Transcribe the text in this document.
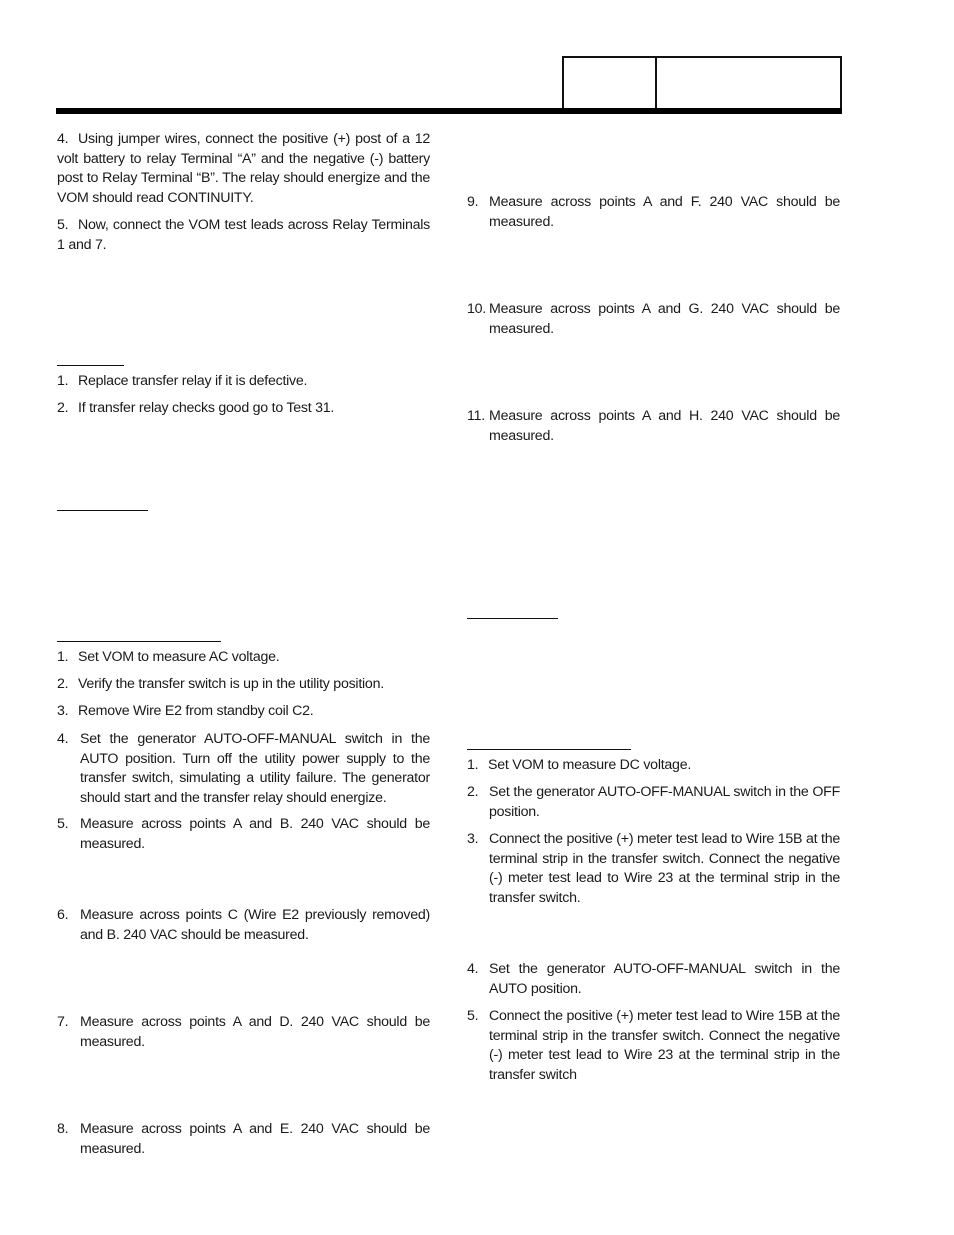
4. Using jumper wires, connect the positive (+) post of a 12 volt battery to relay Terminal “A” and the negative (-) battery post to Relay Terminal “B”. The relay should energize and the VOM should read CONTINUITY.
5. Now, connect the VOM test leads across Relay Terminals 1 and 7.
1. Replace transfer relay if it is defective.
2. If transfer relay checks good go to Test 31.
1. Set VOM to measure AC voltage.
2. Verify the transfer switch is up in the utility position.
3. Remove Wire E2 from standby coil C2.
4. Set the generator AUTO-OFF-MANUAL switch in the AUTO position. Turn off the utility power supply to the transfer switch, simulating a utility failure. The generator should start and the transfer relay should energize.
5. Measure across points A and B. 240 VAC should be measured.
6. Measure across points C (Wire E2 previously removed) and B. 240 VAC should be measured.
7. Measure across points A and D. 240 VAC should be measured.
8. Measure across points A and E. 240 VAC should be measured.
9. Measure across points A and F. 240 VAC should be measured.
10. Measure across points A and G. 240 VAC should be measured.
11. Measure across points A and H. 240 VAC should be measured.
1. Set VOM to measure DC voltage.
2. Set the generator AUTO-OFF-MANUAL switch in the OFF position.
3. Connect the positive (+) meter test lead to Wire 15B at the terminal strip in the transfer switch. Connect the negative (-) meter test lead to Wire 23 at the terminal strip in the transfer switch.
4. Set the generator AUTO-OFF-MANUAL switch in the AUTO position.
5. Connect the positive (+) meter test lead to Wire 15B at the terminal strip in the transfer switch. Connect the negative (-) meter test lead to Wire 23 at the terminal strip in the transfer switch
